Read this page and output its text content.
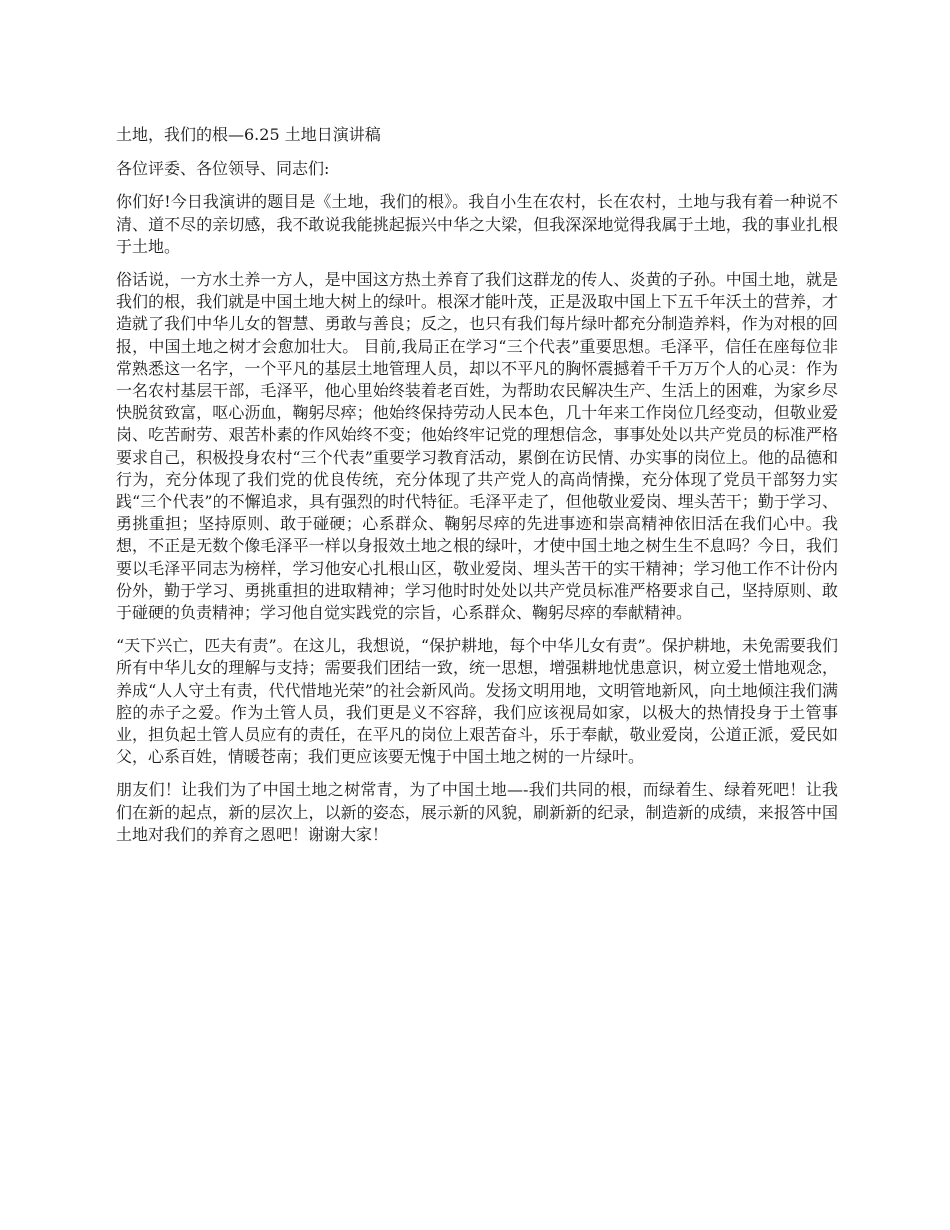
土地，我们的根—6.25 土地日演讲稿

各位评委、各位领导、同志们:

你们好!今日我演讲的题目是《土地，我们的根》。我自小生在农村，长在农村，土地与我有着一种说不清、道不尽的亲切感，我不敢说我能挑起振兴中华之大梁，但我深深地觉得我属于土地，我的事业扎根于土地。

俗话说，一方水土养一方人，是中国这方热土养育了我们这群龙的传人、炎黄的子孙。中国土地，就是我们的根，我们就是中国土地大树上的绿叶。根深才能叶茂，正是汲取中国上下五千年沃土的营养，才造就了我们中华儿女的智慧、勇敢与善良；反之，也只有我们每片绿叶都充分制造养料，作为对根的回报，中国土地之树才会愈加壮大。 目前,我局正在学习“三个代表”重要思想。毛泽平，信任在座每位非常熟悉这一名字，一个平凡的基层土地管理人员，却以不平凡的胸怀震撼着千千万万个人的心灵：作为一名农村基层干部，毛泽平，他心里始终装着老百姓，为帮助农民解决生产、生活上的困难，为家乡尽快脱贫致富，呕心沥血，鞠躬尽瘁；他始终保持劳动人民本色，几十年来工作岗位几经变动，但敬业爱岗、吃苦耐劳、艰苦朴素的作风始终不变；他始终牢记党的理想信念，事事处处以共产党员的标准严格要求自己，积极投身农村“三个代表”重要学习教育活动，累倒在访民情、办实事的岗位上。他的品德和行为，充分体现了我们党的优良传统，充分体现了共产党人的高尚情操，充分体现了党员干部努力实践“三个代表”的不懈追求，具有强烈的时代特征。毛泽平走了，但他敬业爱岗、埋头苦干；勤于学习、勇挑重担；坚持原则、敢于碰硬；心系群众、鞠躬尽瘁的先进事迹和崇高精神依旧活在我们心中。我想，不正是无数个像毛泽平一样以身报效土地之根的绿叶，才使中国土地之树生生不息吗？今日，我们要以毛泽平同志为榜样，学习他安心扎根山区，敬业爱岗、埋头苦干的实干精神；学习他工作不计份内份外，勤于学习、勇挑重担的进取精神；学习他时时处处以共产党员标准严格要求自己，坚持原则、敢于碰硬的负责精神；学习他自觉实践党的宗旨，心系群众、鞠躬尽瘁的奉献精神。

“天下兴亡，匹夫有责”。在这儿，我想说，“保护耕地，每个中华儿女有责”。保护耕地，未免需要我们所有中华儿女的理解与支持；需要我们团结一致，统一思想，增强耕地忧患意识，树立爱土惜地观念，养成“人人守土有责，代代惜地光荣”的社会新风尚。发扬文明用地，文明管地新风，向土地倾注我们满腔的赤子之爱。作为土管人员，我们更是义不容辞，我们应该视局如家，以极大的热情投身于土管事业，担负起土管人员应有的责任，在平凡的岗位上艰苦奋斗，乐于奉献，敬业爱岗，公道正派，爱民如父，心系百姓，情暖苍南；我们更应该要无愧于中国土地之树的一片绿叶。

朋友们！让我们为了中国土地之树常青，为了中国土地—-我们共同的根，而绿着生、绿着死吧！让我们在新的起点，新的层次上，以新的姿态，展示新的风貌，刷新新的纪录，制造新的成绩，来报答中国土地对我们的养育之恩吧！谢谢大家！
